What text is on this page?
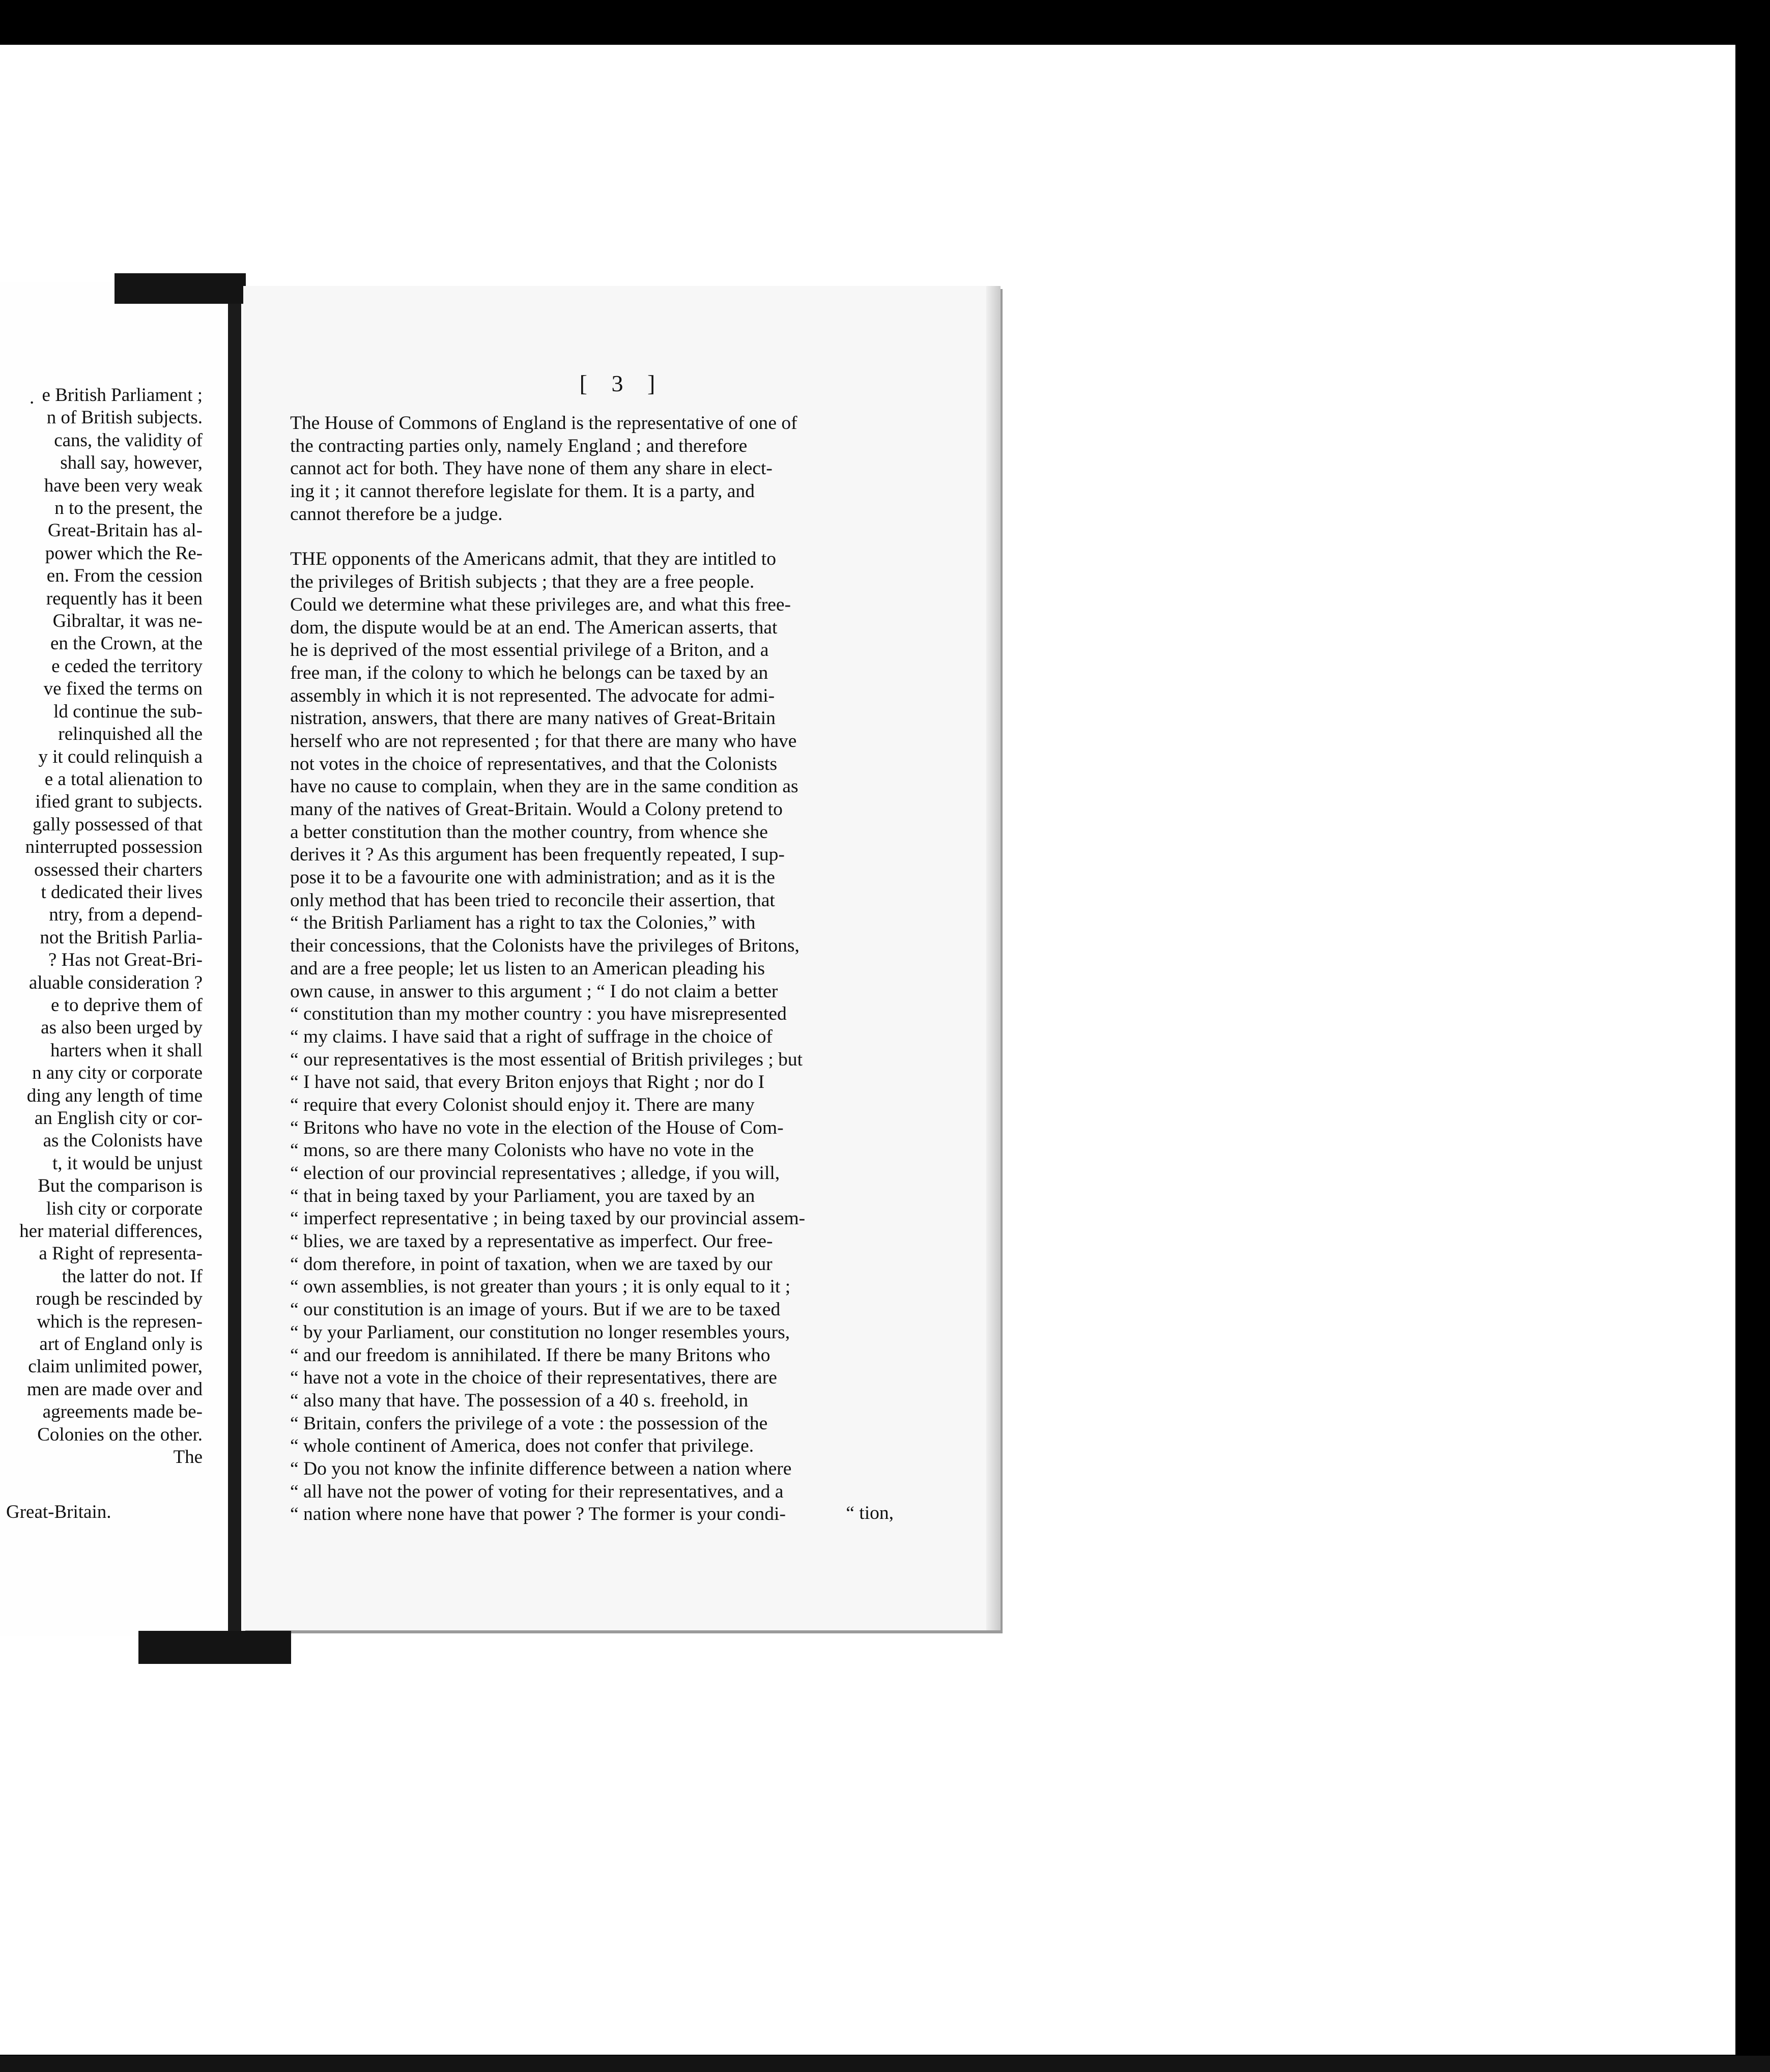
. e British Parliament ;
n of British subjects.
cans, the validity of
shall say, however,
have been very weak
n to the present, the
Great-Britain has al-
power which the Re-
en. From the cession
requently has it been
Gibraltar, it was ne-
en the Crown, at the
e ceded the territory
ve fixed the terms on
ld continue the sub-
relinquished all the
y it could relinquish a
e a total alienation to
ified grant to subjects.
gally possessed of that
ninterrupted possession
ossessed their charters
t dedicated their lives
ntry, from a depend-
not the British Parlia-
? Has not Great-Bri-
aluable consideration ?
e to deprive them of
as also been urged by
harters when it shall
n any city or corporate
ding any length of time
an English city or cor-
as the Colonists have
t, it would be unjust
But the comparison is
lish city or corporate
her material differences,
a Right of representa-
the latter do not. If
rough be rescinded by
which is the represen-
art of England only is
claim unlimited power,
men are made over and
agreements made be-
Colonies on the other.
The
Great-Britain.
[ 3 ]
The House of Commons of England is the representative of one of
the contracting parties only, namely England ; and therefore
cannot act for both. They have none of them any share in elect-
ing it ; it cannot therefore legislate for them. It is a party, and
cannot therefore be a judge.
THE opponents of the Americans admit, that they are intitled to
the privileges of British subjects ; that they are a free people.
Could we determine what these privileges are, and what this free-
dom, the dispute would be at an end. The American asserts, that
he is deprived of the most essential privilege of a Briton, and a
free man, if the colony to which he belongs can be taxed by an
assembly in which it is not represented. The advocate for admi-
nistration, answers, that there are many natives of Great-Britain
herself who are not represented ; for that there are many who have
not votes in the choice of representatives, and that the Colonists
have no cause to complain, when they are in the same condition as
many of the natives of Great-Britain. Would a Colony pretend to
a better constitution than the mother country, from whence she
derives it ? As this argument has been frequently repeated, I sup-
pose it to be a favourite one with administration; and as it is the
only method that has been tried to reconcile their assertion, that
“ the British Parliament has a right to tax the Colonies,” with
their concessions, that the Colonists have the privileges of Britons,
and are a free people; let us listen to an American pleading his
own cause, in answer to this argument ; “ I do not claim a better
“ constitution than my mother country : you have misrepresented
“ my claims. I have said that a right of suffrage in the choice of
“ our representatives is the most essential of British privileges ; but
“ I have not said, that every Briton enjoys that Right ; nor do I
“ require that every Colonist should enjoy it. There are many
“ Britons who have no vote in the election of the House of Com-
“ mons, so are there many Colonists who have no vote in the
“ election of our provincial representatives ; alledge, if you will,
“ that in being taxed by your Parliament, you are taxed by an
“ imperfect representative ; in being taxed by our provincial assem-
“ blies, we are taxed by a representative as imperfect. Our free-
“ dom therefore, in point of taxation, when we are taxed by our
“ own assemblies, is not greater than yours ; it is only equal to it ;
“ our constitution is an image of yours. But if we are to be taxed
“ by your Parliament, our constitution no longer resembles yours,
“ and our freedom is annihilated. If there be many Britons who
“ have not a vote in the choice of their representatives, there are
“ also many that have. The possession of a 40 s. freehold, in
“ Britain, confers the privilege of a vote : the possession of the
“ whole continent of America, does not confer that privilege.
“ Do you not know the infinite difference between a nation where
“ all have not the power of voting for their representatives, and a
“ nation where none have that power ? The former is your condi-	“ tion,
